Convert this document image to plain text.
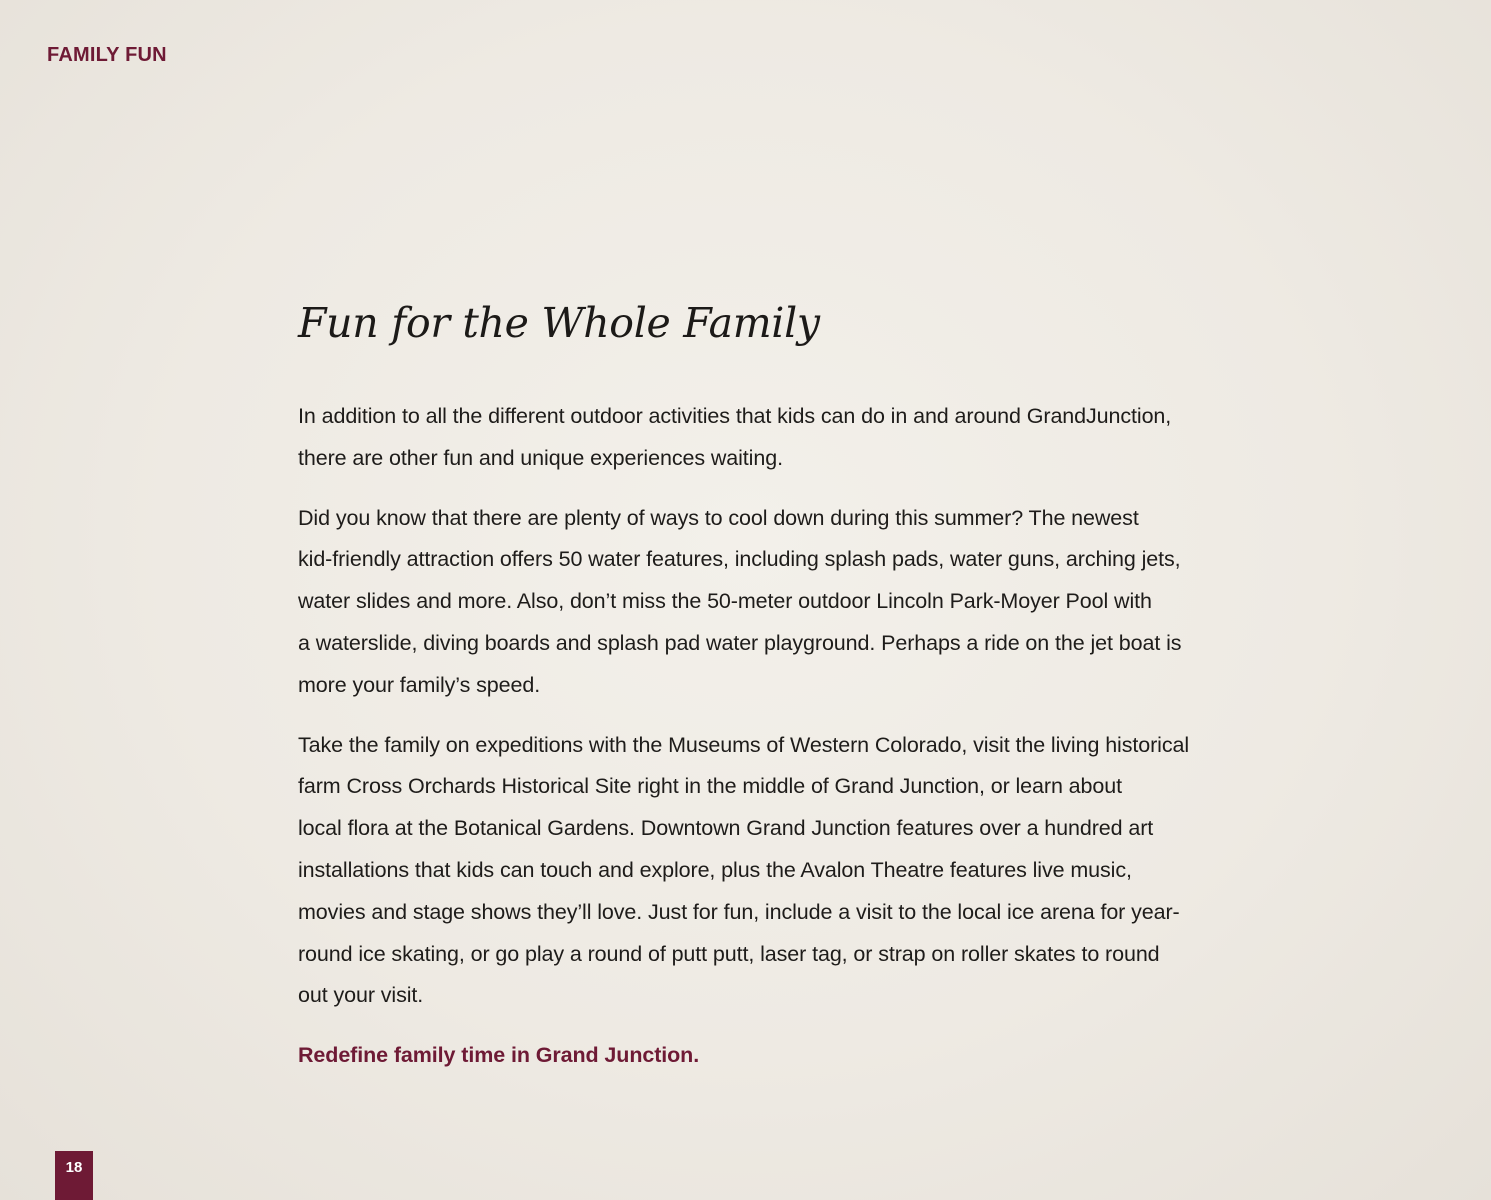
FAMILY FUN
Fun for the Whole Family

In addition to all the different outdoor activities that kids can do in and around GrandJunction,
there are other fun and unique experiences waiting.

Did you know that there are plenty of ways to cool down during this summer? The newest
kid-friendly attraction offers 50 water features, including splash pads, water guns, arching jets,
water slides and more. Also, don’t miss the 50-meter outdoor Lincoln Park-Moyer Pool with
a waterslide, diving boards and splash pad water playground. Perhaps a ride on the jet boat is
more your family’s speed.

Take the family on expeditions with the Museums of Western Colorado, visit the living historical
farm Cross Orchards Historical Site right in the middle of Grand Junction, or learn about
local flora at the Botanical Gardens. Downtown Grand Junction features over a hundred art
installations that kids can touch and explore, plus the Avalon Theatre features live music,
movies and stage shows they’ll love. Just for fun, include a visit to the local ice arena for year-
round ice skating, or go play a round of putt putt, laser tag, or strap on roller skates to round
out your visit.

Redefine family time in Grand Junction.

18
